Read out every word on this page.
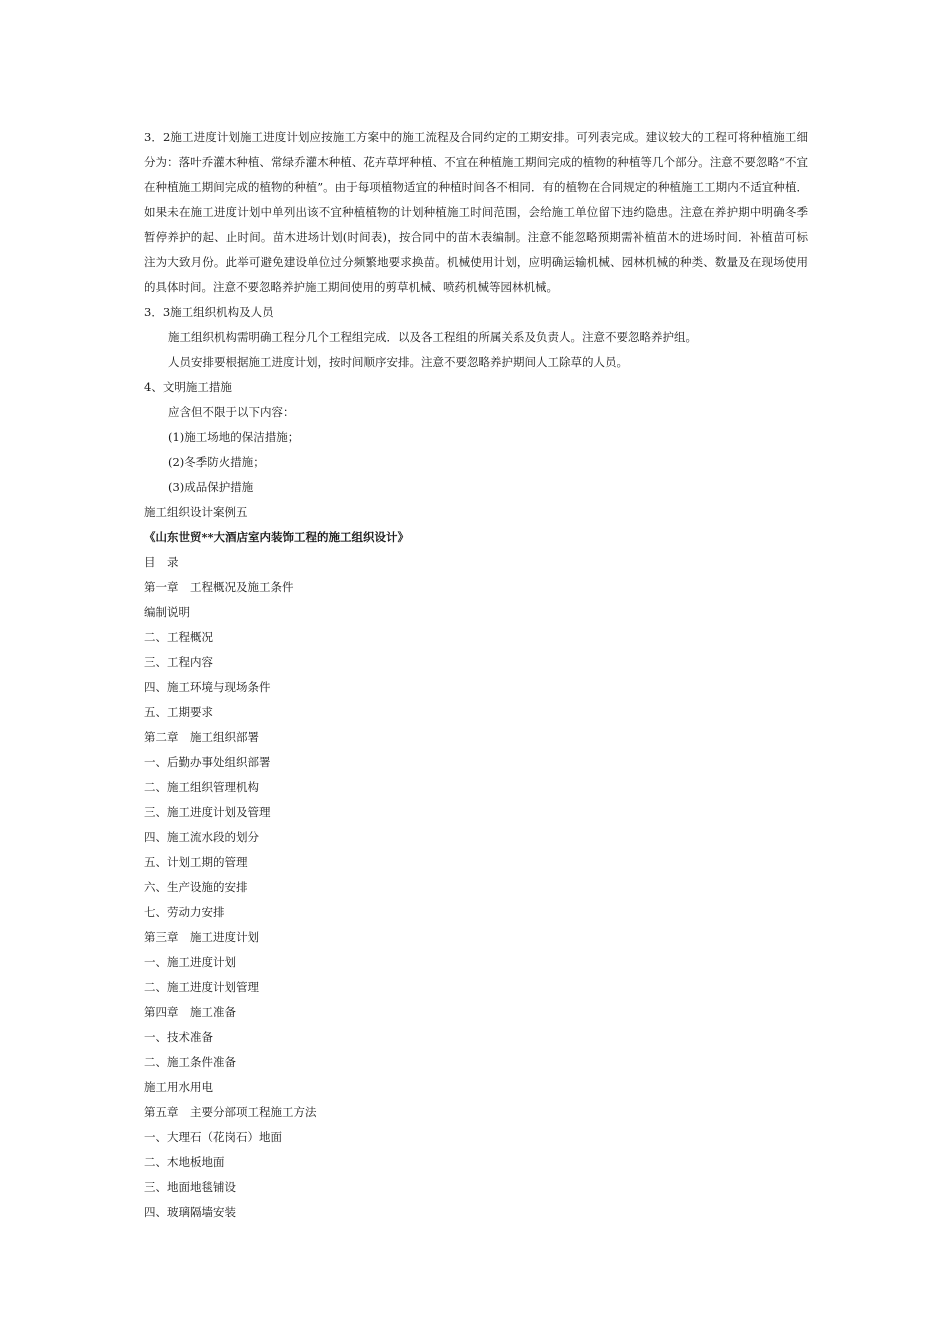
3．2施工进度计划施工进度计划应按施工方案中的施工流程及合同约定的工期安排。可列表完成。建议较大的工程可将种植施工细分为：落叶乔灌木种植、常绿乔灌木种植、花卉草坪种植、不宜在种植施工期间完成的植物的种植等几个部分。注意不要忽略“不宜在种植施工期间完成的植物的种植”。由于每项植物适宜的种植时间各不相同．有的植物在合同规定的种植施工工期内不适宜种植．如果未在施工进度计划中单列出该不宜种植植物的计划种植施工时间范围，会给施工单位留下违约隐患。注意在养护期中明确冬季暂停养护的起、止时间。苗木进场计划(时间表)，按合同中的苗木表编制。注意不能忽略预期需补植苗木的进场时间．补植苗可标注为大致月份。此举可避免建设单位过分频繁地要求换苗。机械使用计划，应明确运输机械、园林机械的种类、数量及在现场使用的具体时间。注意不要忽略养护施工期间使用的剪草机械、喷药机械等园林机械。

3．3施工组织机构及人员

施工组织机构需明确工程分几个工程组完成．以及各工程组的所属关系及负责人。注意不要忽略养护组。

人员安排要根据施工进度计划，按时间顺序安排。注意不要忽略养护期间人工除草的人员。

4、文明施工措施

应含但不限于以下内容：

(1)施工场地的保洁措施；

(2)冬季防火措施；

(3)成品保护措施

施工组织设计案例五

《山东世贸**大酒店室内装饰工程的施工组织设计》

目　录

第一章　工程概况及施工条件

编制说明

二、工程概况

三、工程内容

四、施工环境与现场条件

五、工期要求

第二章　施工组织部署

一、后勤办事处组织部署

二、施工组织管理机构

三、施工进度计划及管理

四、施工流水段的划分

五、计划工期的管理

六、生产设施的安排

七、劳动力安排

第三章　施工进度计划

一、施工进度计划

二、施工进度计划管理

第四章　施工准备

一、技术准备

二、施工条件准备

施工用水用电

第五章　主要分部项工程施工方法

一、大理石（花岗石）地面

二、木地板地面

三、地面地毯铺设

四、玻璃隔墙安装
